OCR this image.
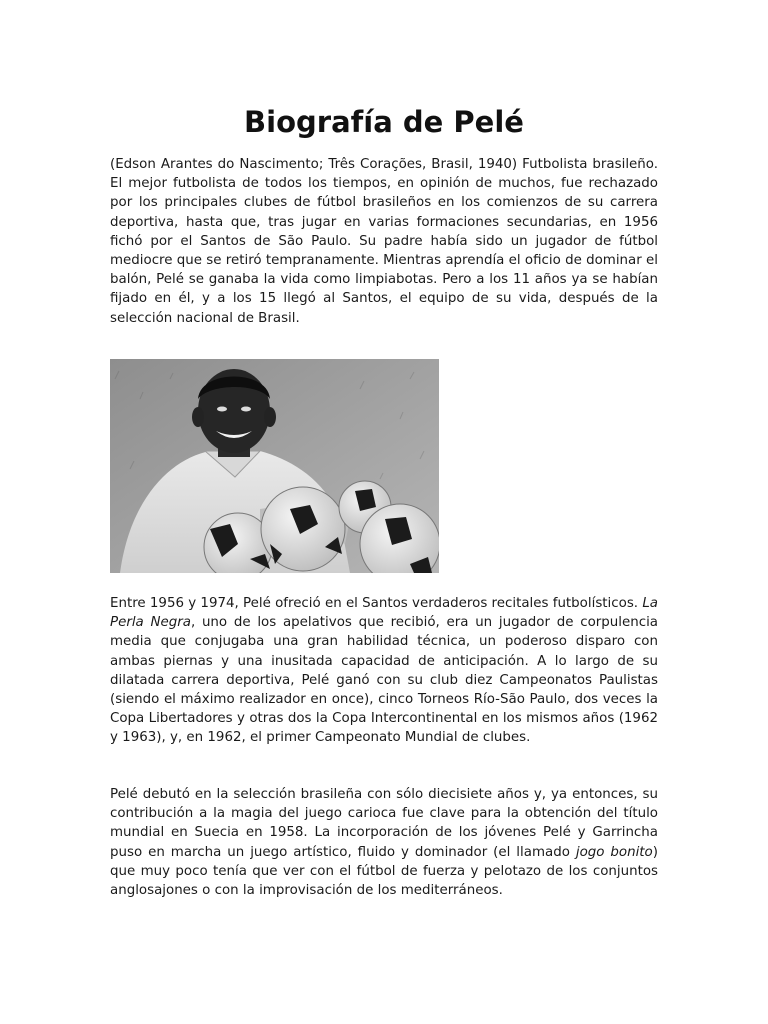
Biografía de Pelé

(Edson Arantes do Nascimento; Três Corações, Brasil, 1940) Futbolista brasileño. El mejor futbolista de todos los tiempos, en opinión de muchos, fue rechazado por los principales clubes de fútbol brasileños en los comienzos de su carrera deportiva, hasta que, tras jugar en varias formaciones secundarias, en 1956 fichó por el Santos de São Paulo. Su padre había sido un jugador de fútbol mediocre que se retiró tempranamente. Mientras aprendía el oficio de dominar el balón, Pelé se ganaba la vida como limpiabotas. Pero a los 11 años ya se habían fijado en él, y a los 15 llegó al Santos, el equipo de su vida, después de la selección nacional de Brasil.

Entre 1956 y 1974, Pelé ofreció en el Santos verdaderos recitales futbolísticos. La Perla Negra, uno de los apelativos que recibió, era un jugador de corpulencia media que conjugaba una gran habilidad técnica, un poderoso disparo con ambas piernas y una inusitada capacidad de anticipación. A lo largo de su dilatada carrera deportiva, Pelé ganó con su club diez Campeonatos Paulistas (siendo el máximo realizador en once), cinco Torneos Río-São Paulo, dos veces la Copa Libertadores y otras dos la Copa Intercontinental en los mismos años (1962 y 1963), y, en 1962, el primer Campeonato Mundial de clubes.

Pelé debutó en la selección brasileña con sólo diecisiete años y, ya entonces, su contribución a la magia del juego carioca fue clave para la obtención del título mundial en Suecia en 1958. La incorporación de los jóvenes Pelé y Garrincha puso en marcha un juego artístico, fluido y dominador (el llamado jogo bonito) que muy poco tenía que ver con el fútbol de fuerza y pelotazo de los conjuntos anglosajones o con la improvisación de los mediterráneos.
